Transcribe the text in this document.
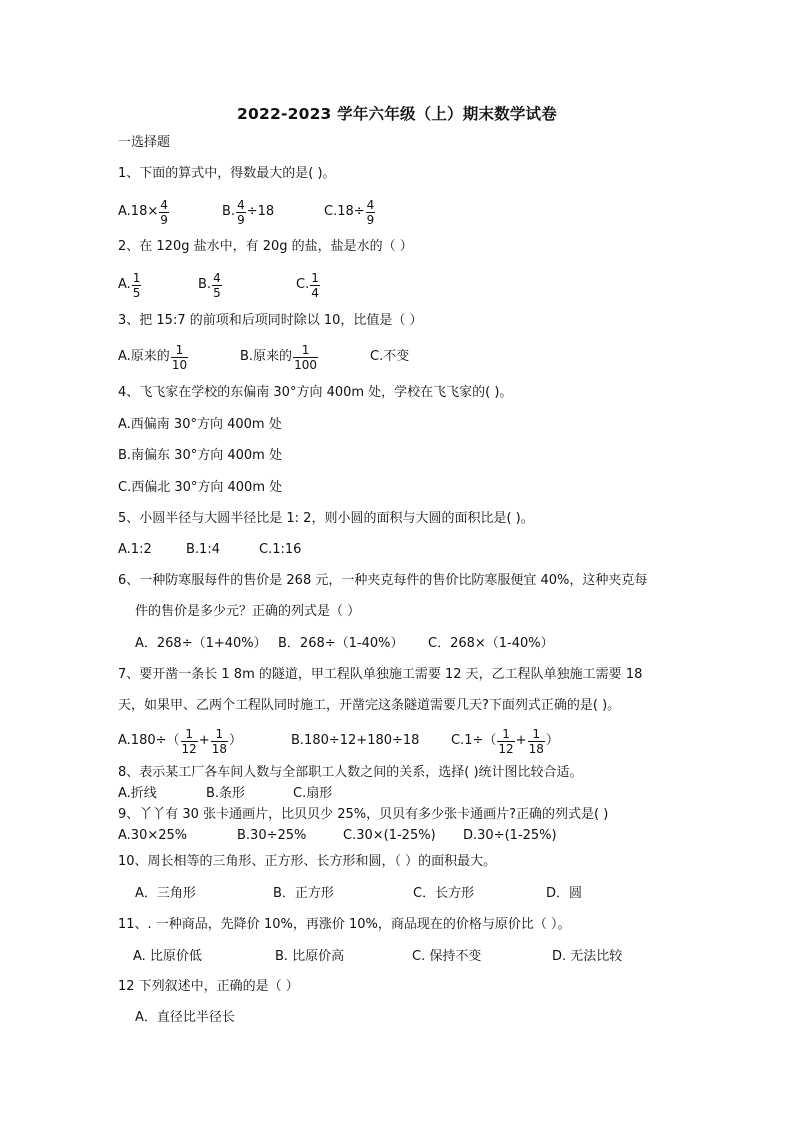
2022-2023 学年六年级（上）期末数学试卷
一选择题
1、下面的算式中，得数最大的是( )。
$A.18\times \frac{4}{9}$	B. $\frac{4}{9} \div 18$	$C.18\div \frac{4}{9}$
2、在 120g 盐水中，有 20g 的盐，盐是水的（ ）
A. $\frac{1}{5}$	B. $\frac{4}{5}$	C. $\frac{1}{4}$
3、把 15:7 的前项和后项同时除以 10，比值是（ ）
A.原来的 $\frac{1}{10}$	B.原来的 $\frac{1}{100}$	C.不变
4、飞飞家在学校的东偏南 30°方向 400m 处，学校在飞飞家的( )。
A.西偏南 30°方向 400m 处
B.南偏东 30°方向 400m 处
C.西偏北 30°方向 400m 处
5、小圆半径与大圆半径比是 1: 2，则小圆的面积与大圆的面积比是( )。
A.1:2	B.1:4	C.1:16
6、一种防寒服每件的售价是 268 元，一种夹克每件的售价比防寒服便宜 40%，这种夹克每
件的售价是多少元？正确的列式是（ ）
A．268÷（1+40%） B．268÷（1-40%） C．268×（1-40%）
7、要开凿一条长 1 8m 的隧道，甲工程队单独施工需要 12 天，乙工程队单独施工需要 18
天，如果甲、乙两个工程队同时施工，开凿完这条隧道需要几天?下面列式正确的是( )。
$A.180\div( \frac{1}{12} + \frac{1}{18}$ ）	B.180÷12+180÷18 $C.1\div( \frac{1}{12} + \frac{1}{18}$ ）
8、表示某工厂各车间人数与全部职工人数之间的关系，选择( )统计图比较合适。
A.折线	B.条形	C.扇形
9、丫丫有 30 张卡通画片，比贝贝少 25%，贝贝有多少张卡通画片?正确的列式是( )
A.30×25%	B.30÷25%	C.30×(1-25%) D.30÷(1-25%)
10、周长相等的三角形、正方形、长方形和圆，（ ）的面积最大。
A．三角形	B．正方形	C．长方形	D．圆
11、. 一种商品，先降价 10%，再涨价 10%，商品现在的价格与原价比（ ）。
A. 比原价低	B. 比原价高	C. 保持不变	D. 无法比较
12 下列叙述中，正确的是（ ）
A．直径比半径长
